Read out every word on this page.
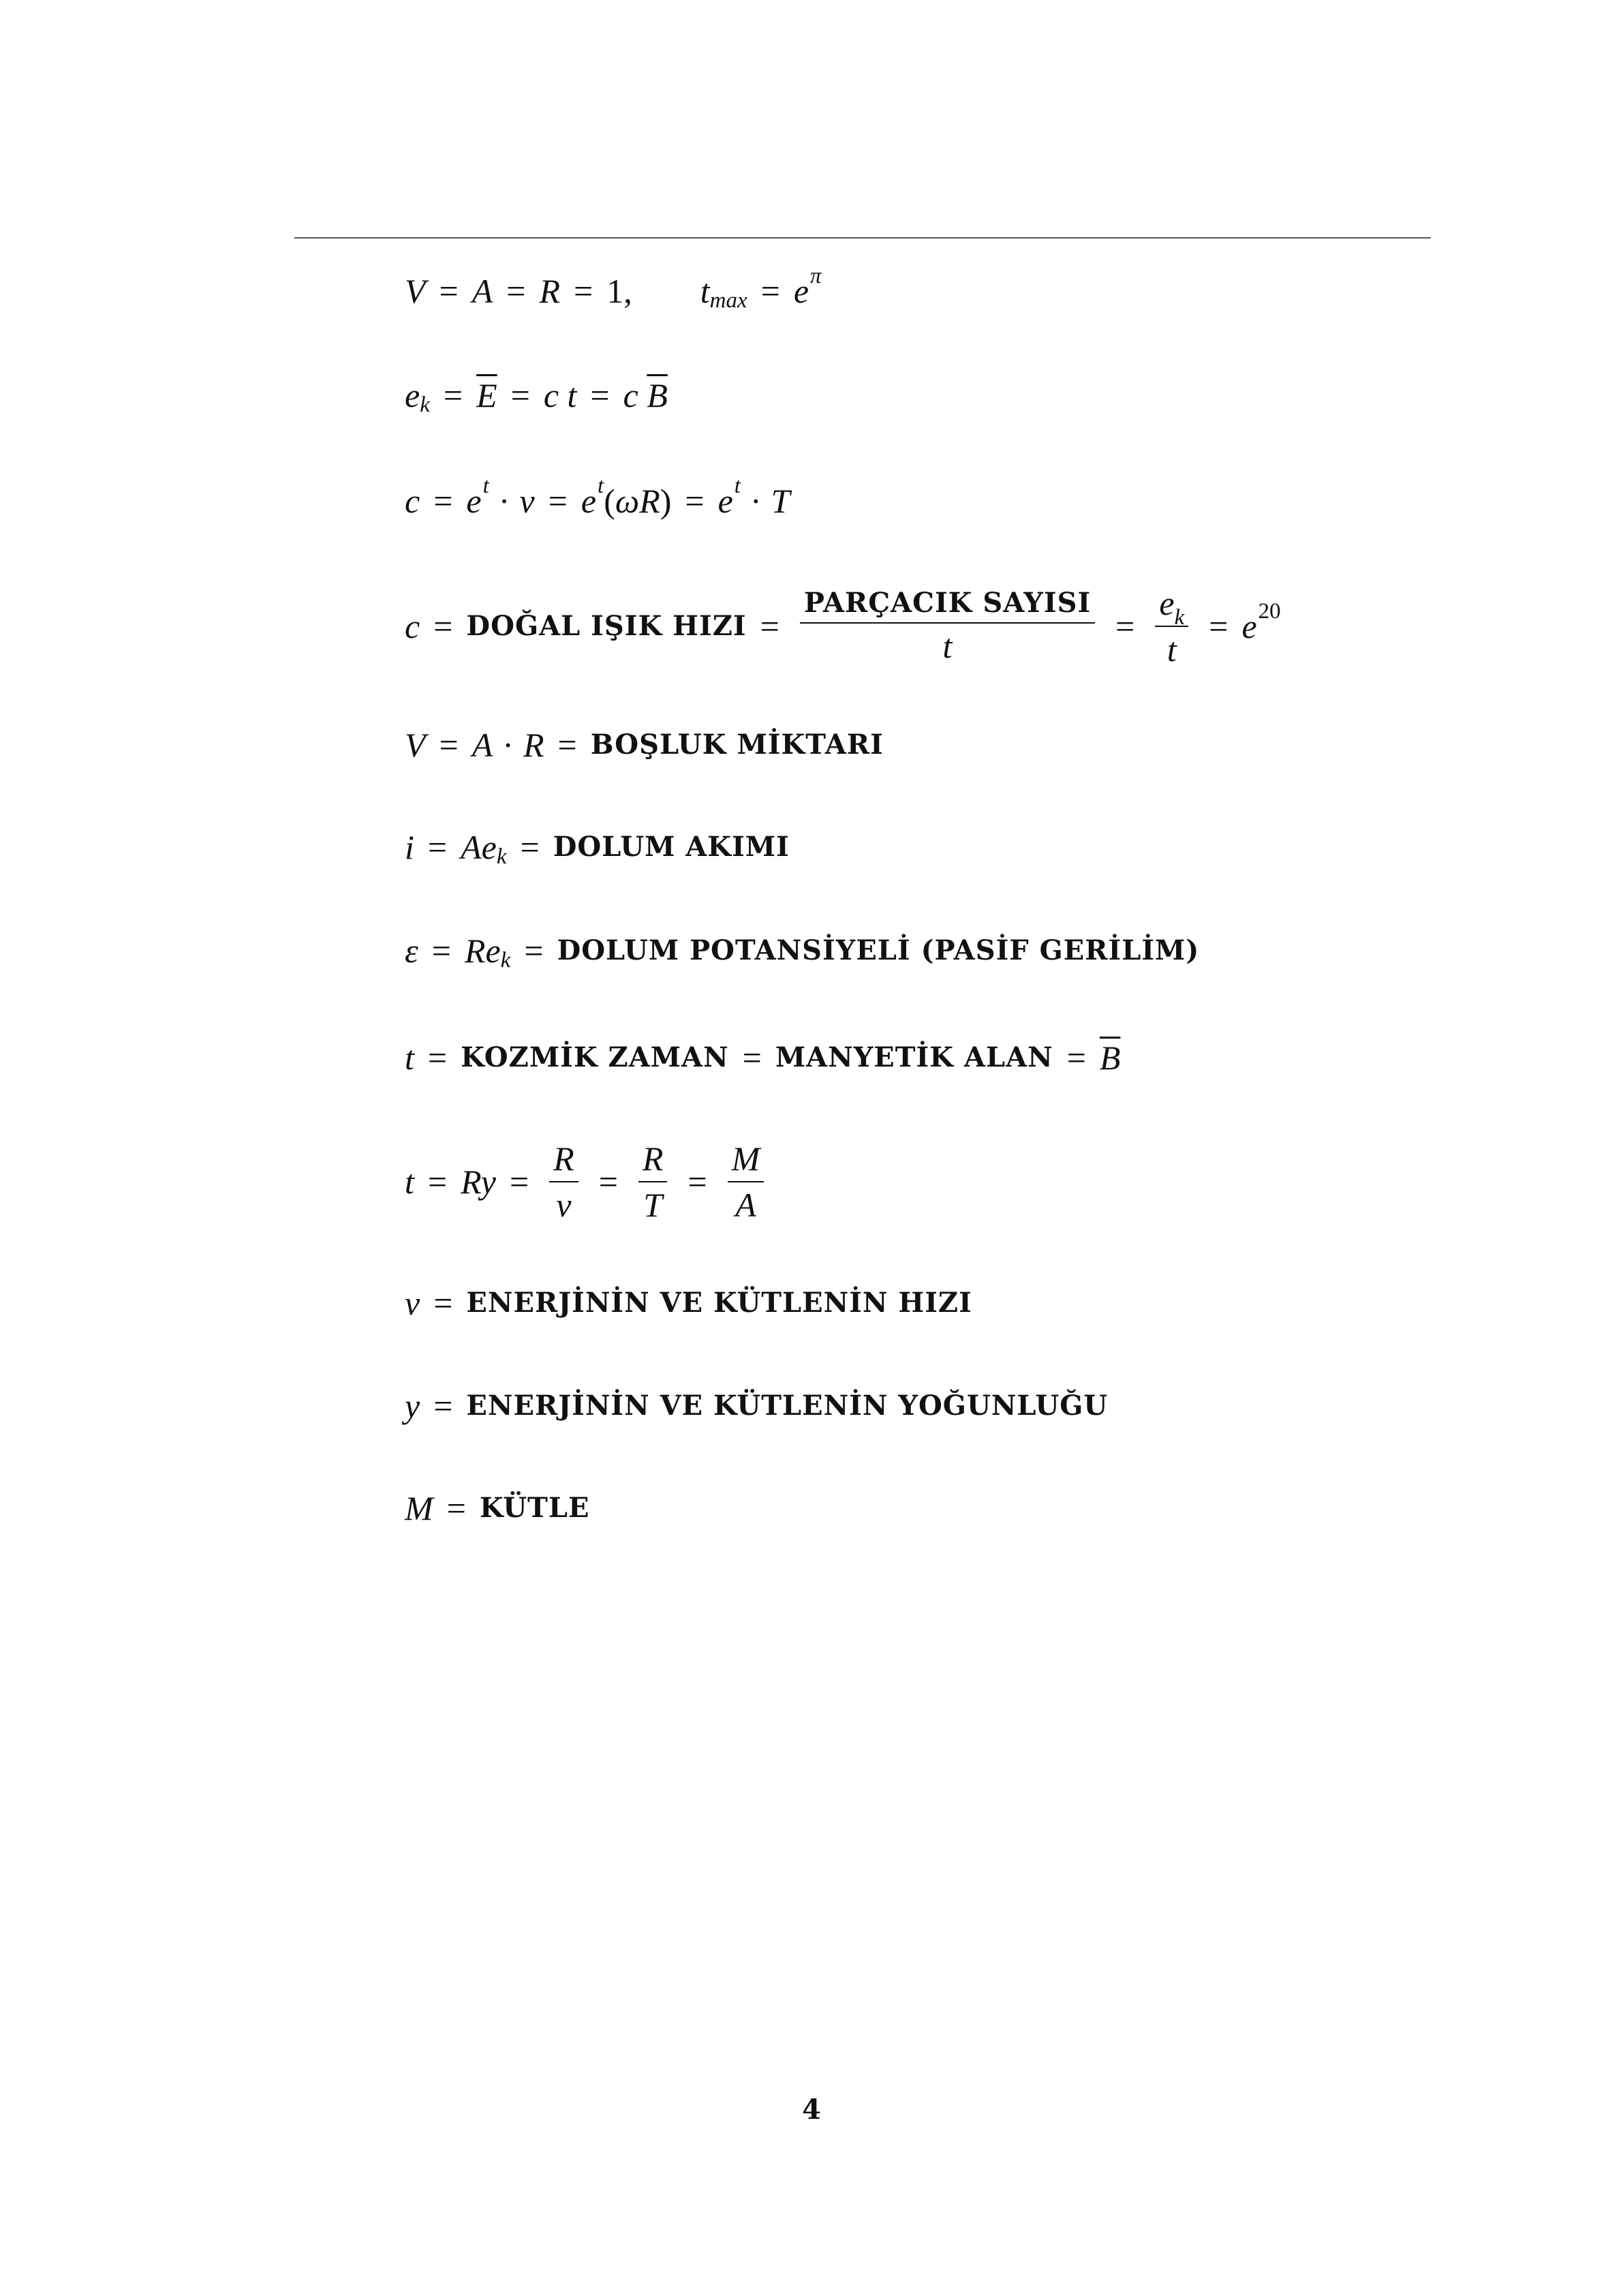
V = A = R = 1, t max = e π
e $k = \overline{E} = c$
t = c
$\overline{B}$
c = e t · v = e t ( ω R ) = e t · T
c = DOĞAL IŞIK HIZI = $\frac{\text{PARÇACIK SAYISI}}{t} = \frac{e_k}{t} = e$ 20
V = A · R = BOŞLUK MİKTARI
i = A e k = DOLUM AKIMI
ε = R e k = DOLUM POTANSİYELİ (PASİF GERİLİM)
t = KOZMİK ZAMAN = MANYETİK ALAN = $\overline{B}$
$t = Ry = \frac{R}{v} = \frac{R}{T} = \frac{M}{A}$
v = ENERJİNİN VE KÜTLENİN HIZI
y = ENERJİNİN VE KÜTLENİN YOĞUNLUĞU
M = KÜTLE
4
